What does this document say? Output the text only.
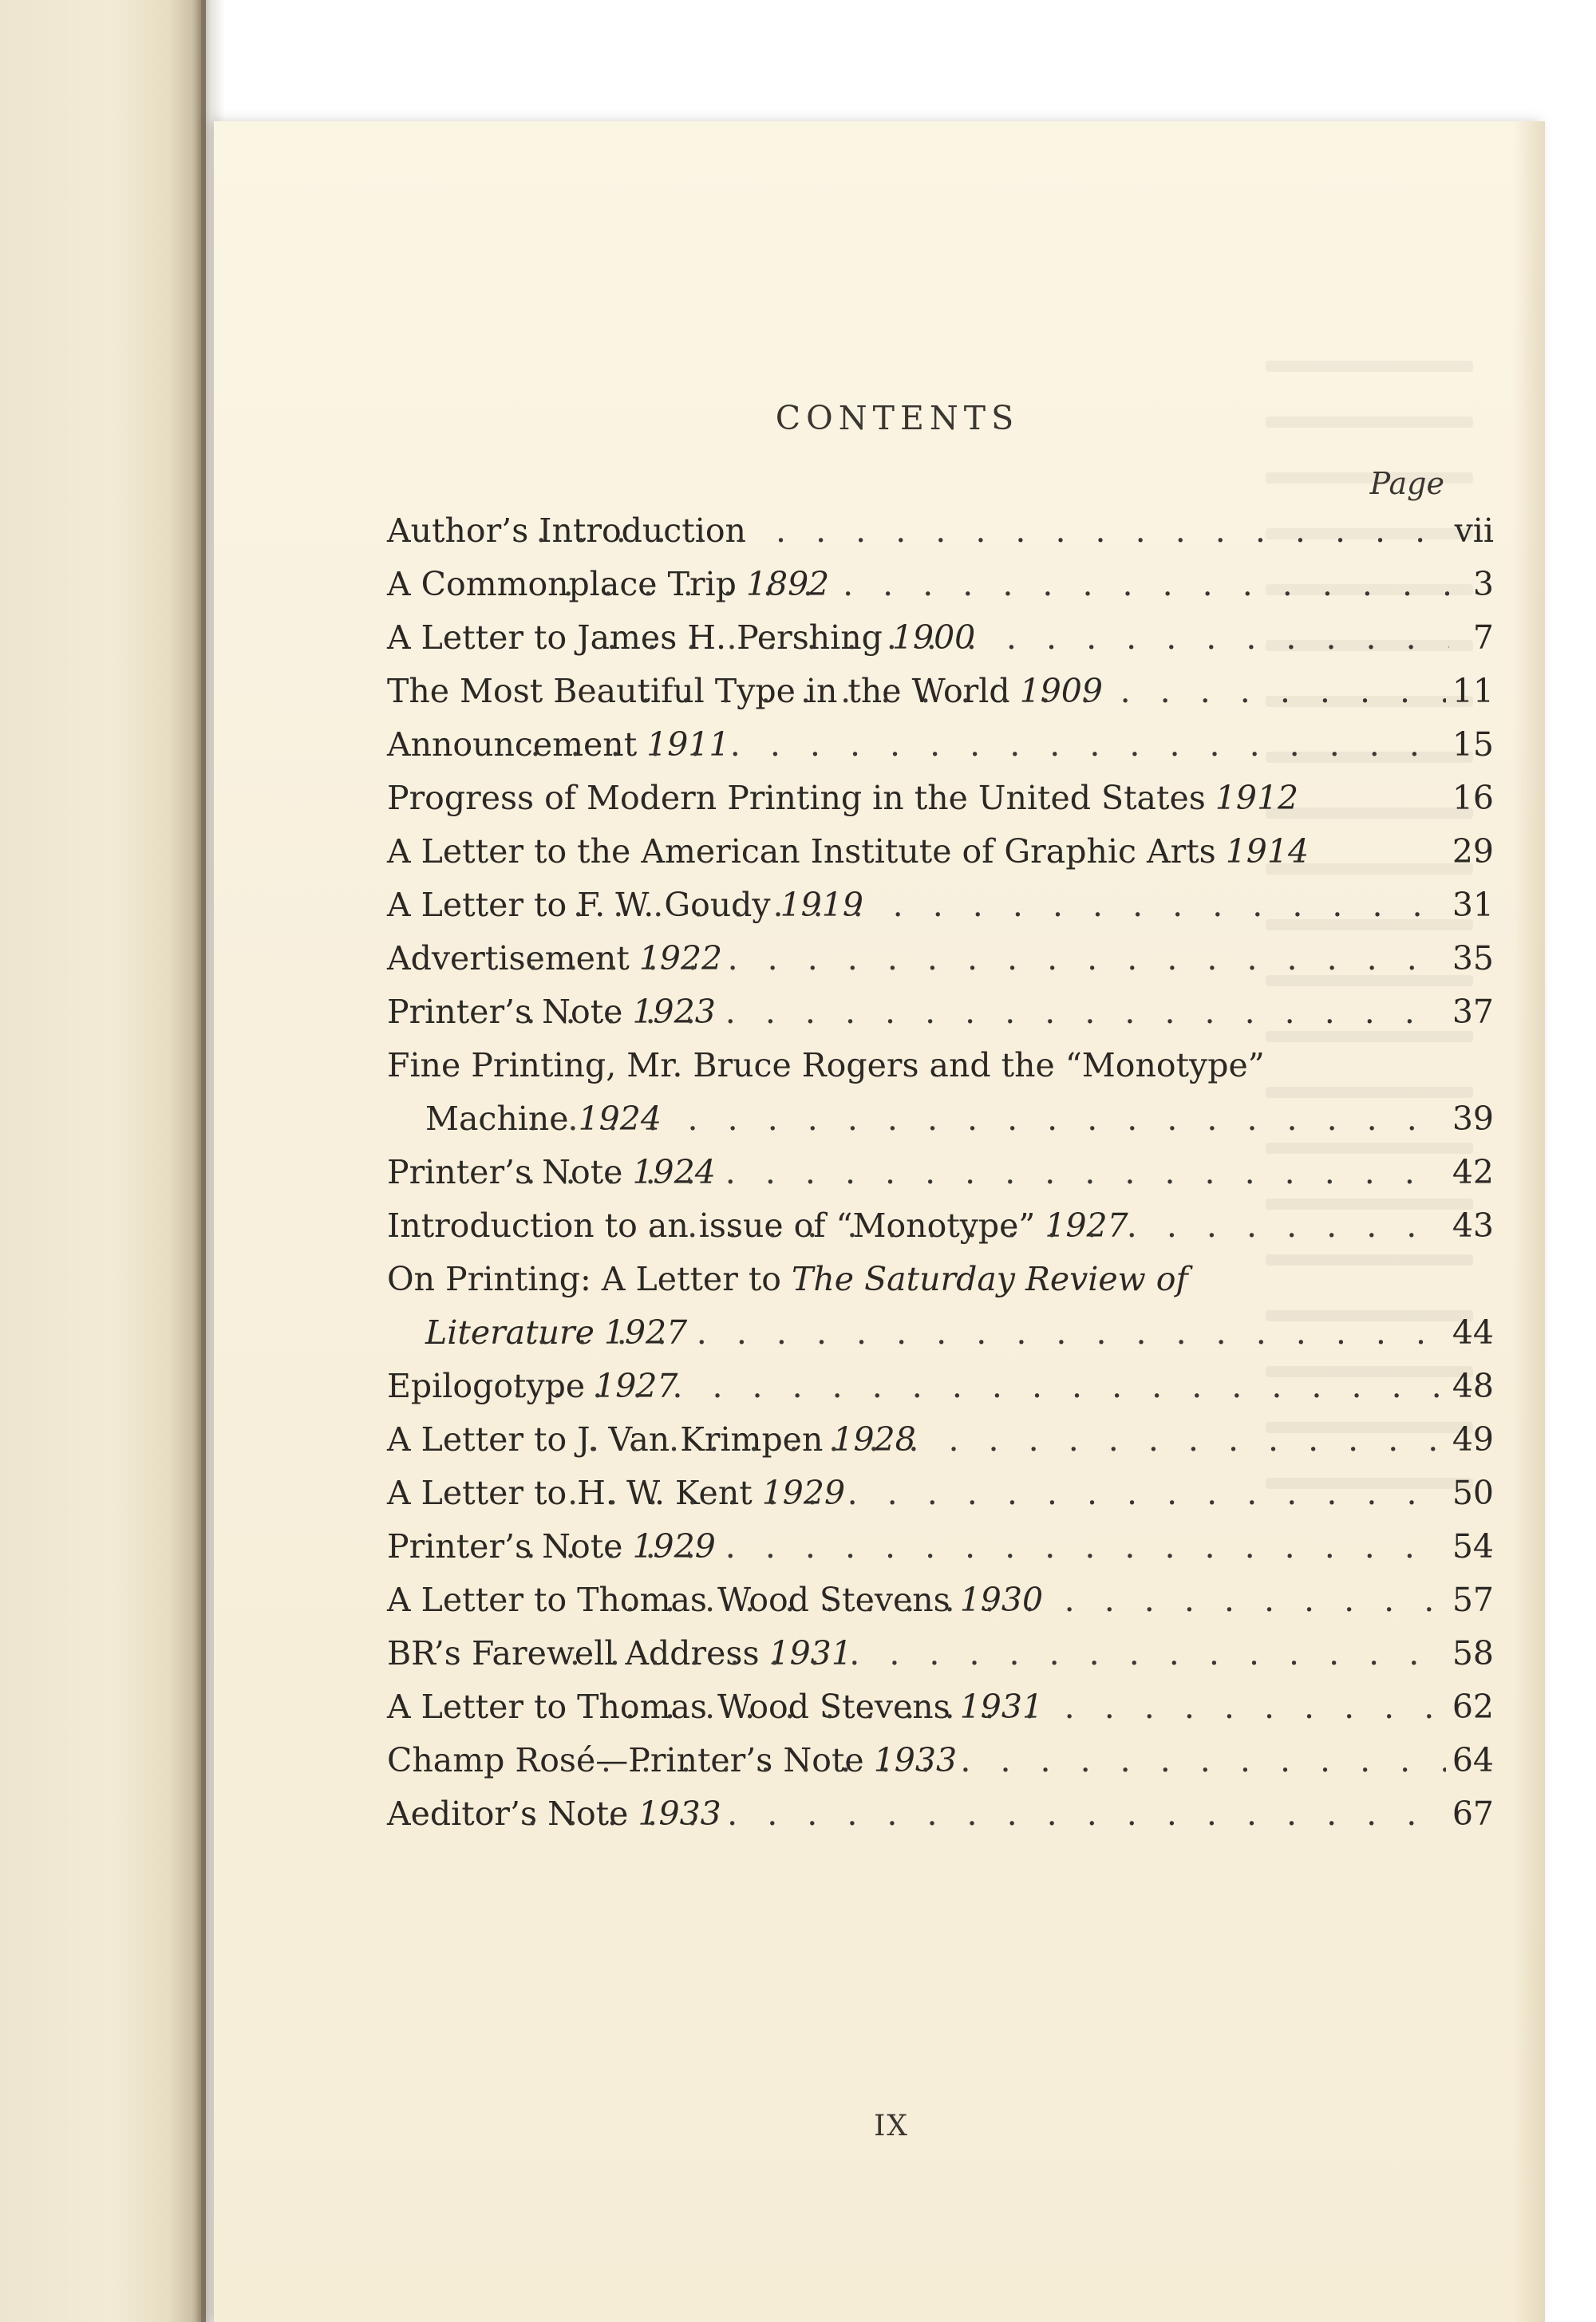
CONTENTS
Page
Author’s Introduction . . .	vii
A Commonplace Trip 1892 . . .	3
A Letter to James H. Pershing 1900 . . .	7
The Most Beautiful Type in the World 1909 . . .	11
Announcement 1911 . . .	15
Progress of Modern Printing in the United States 1912	16
A Letter to the American Institute of Graphic Arts 1914	29
A Letter to F. W. Goudy 1919 . . .	31
Advertisement 1922 . . .	35
Printer’s Note 1923 . . .	37
Fine Printing, Mr. Bruce Rogers and the “Monotype”
Machine 1924 . . .	39
Printer’s Note 1924 . . .	42
Introduction to an issue of “Monotype” 1927 . . .	43
On Printing: A Letter to The Saturday Review of
Literature 1927 . . .	44
Epilogotype 1927 . . .	48
A Letter to J. Van Krimpen 1928 . . .	49
A Letter to H. W. Kent 1929 . . .	50
Printer’s Note 1929 . . .	54
A Letter to Thomas Wood Stevens 1930 . . .	57
BR’s Farewell Address 1931 . . .	58
A Letter to Thomas Wood Stevens 1931 . . .	62
Champ Rosé—Printer’s Note 1933 . . .	64
Aeditor’s Note 1933 . . .	67
IX
